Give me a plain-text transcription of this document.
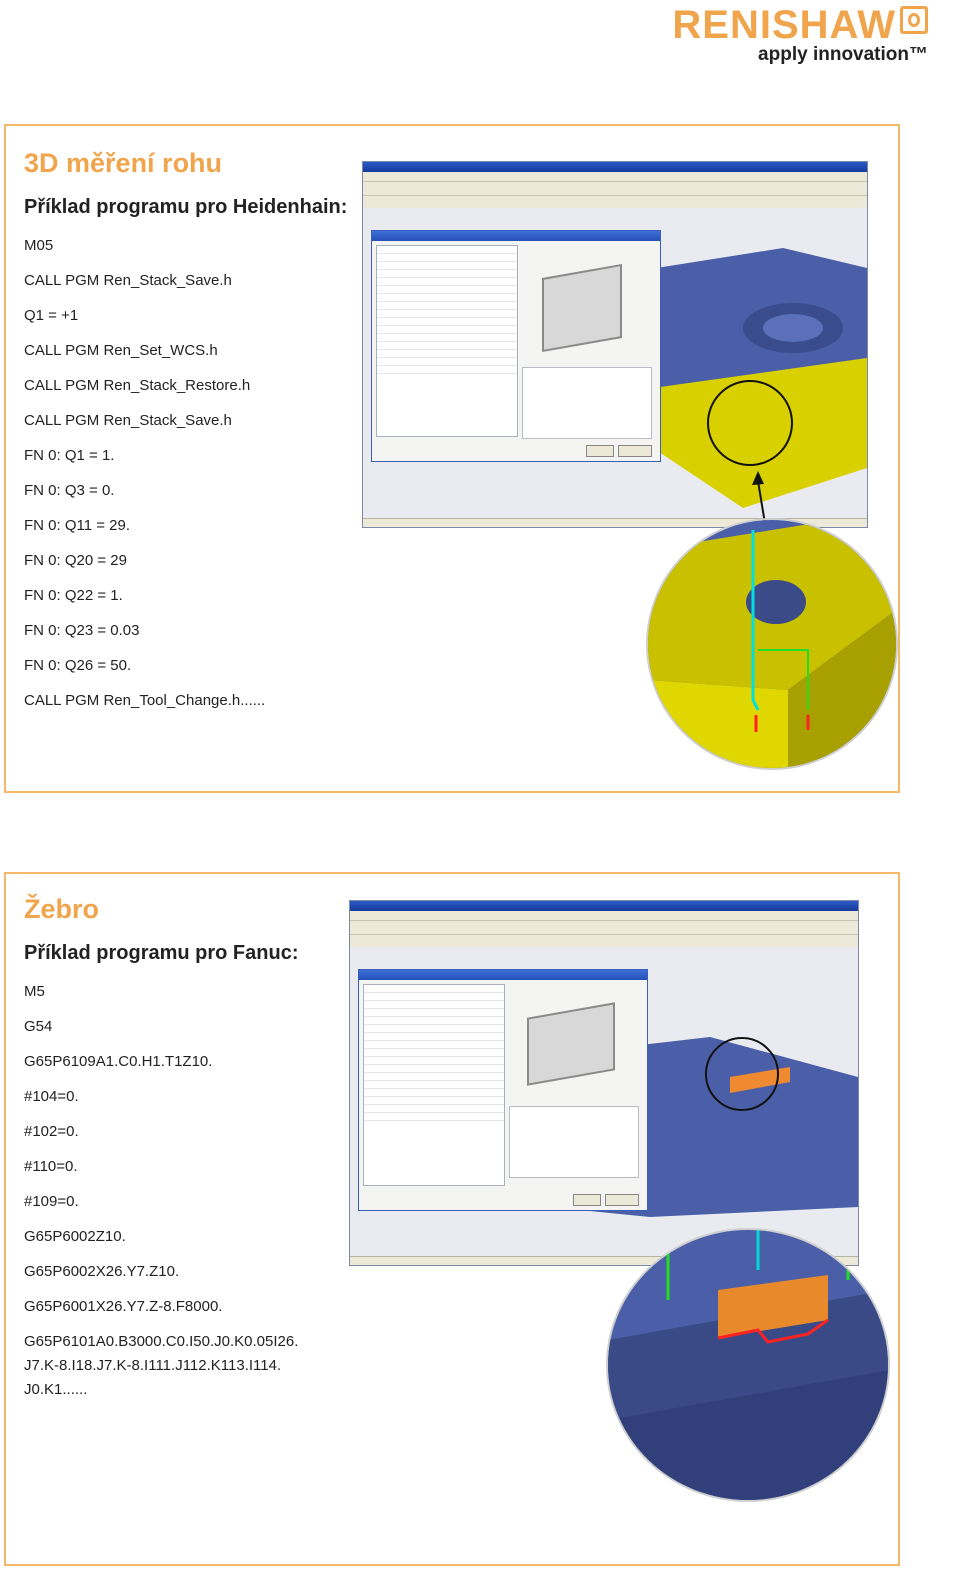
RENISHAW
apply innovation™
3D měření rohu
Příklad programu pro Heidenhain:
M05
CALL PGM Ren_Stack_Save.h
Q1 = +1
CALL PGM Ren_Set_WCS.h
CALL PGM Ren_Stack_Restore.h
CALL PGM Ren_Stack_Save.h
FN 0: Q1 = 1.
FN 0: Q3 = 0.
FN 0: Q11 = 29.
FN 0: Q20 = 29
FN 0: Q22 = 1.
FN 0: Q23 = 0.03
FN 0: Q26 = 50.
CALL PGM Ren_Tool_Change.h......
Žebro
Příklad programu pro Fanuc:
M5
G54
G65P6109A1.C0.H1.T1Z10.
#104=0.
#102=0.
#110=0.
#109=0.
G65P6002Z10.
G65P6002X26.Y7.Z10.
G65P6001X26.Y7.Z-8.F8000.
G65P6101A0.B3000.C0.I50.J0.K0.05I26.
J7.K-8.I18.J7.K-8.I111.J112.K113.I114.
J0.K1......
